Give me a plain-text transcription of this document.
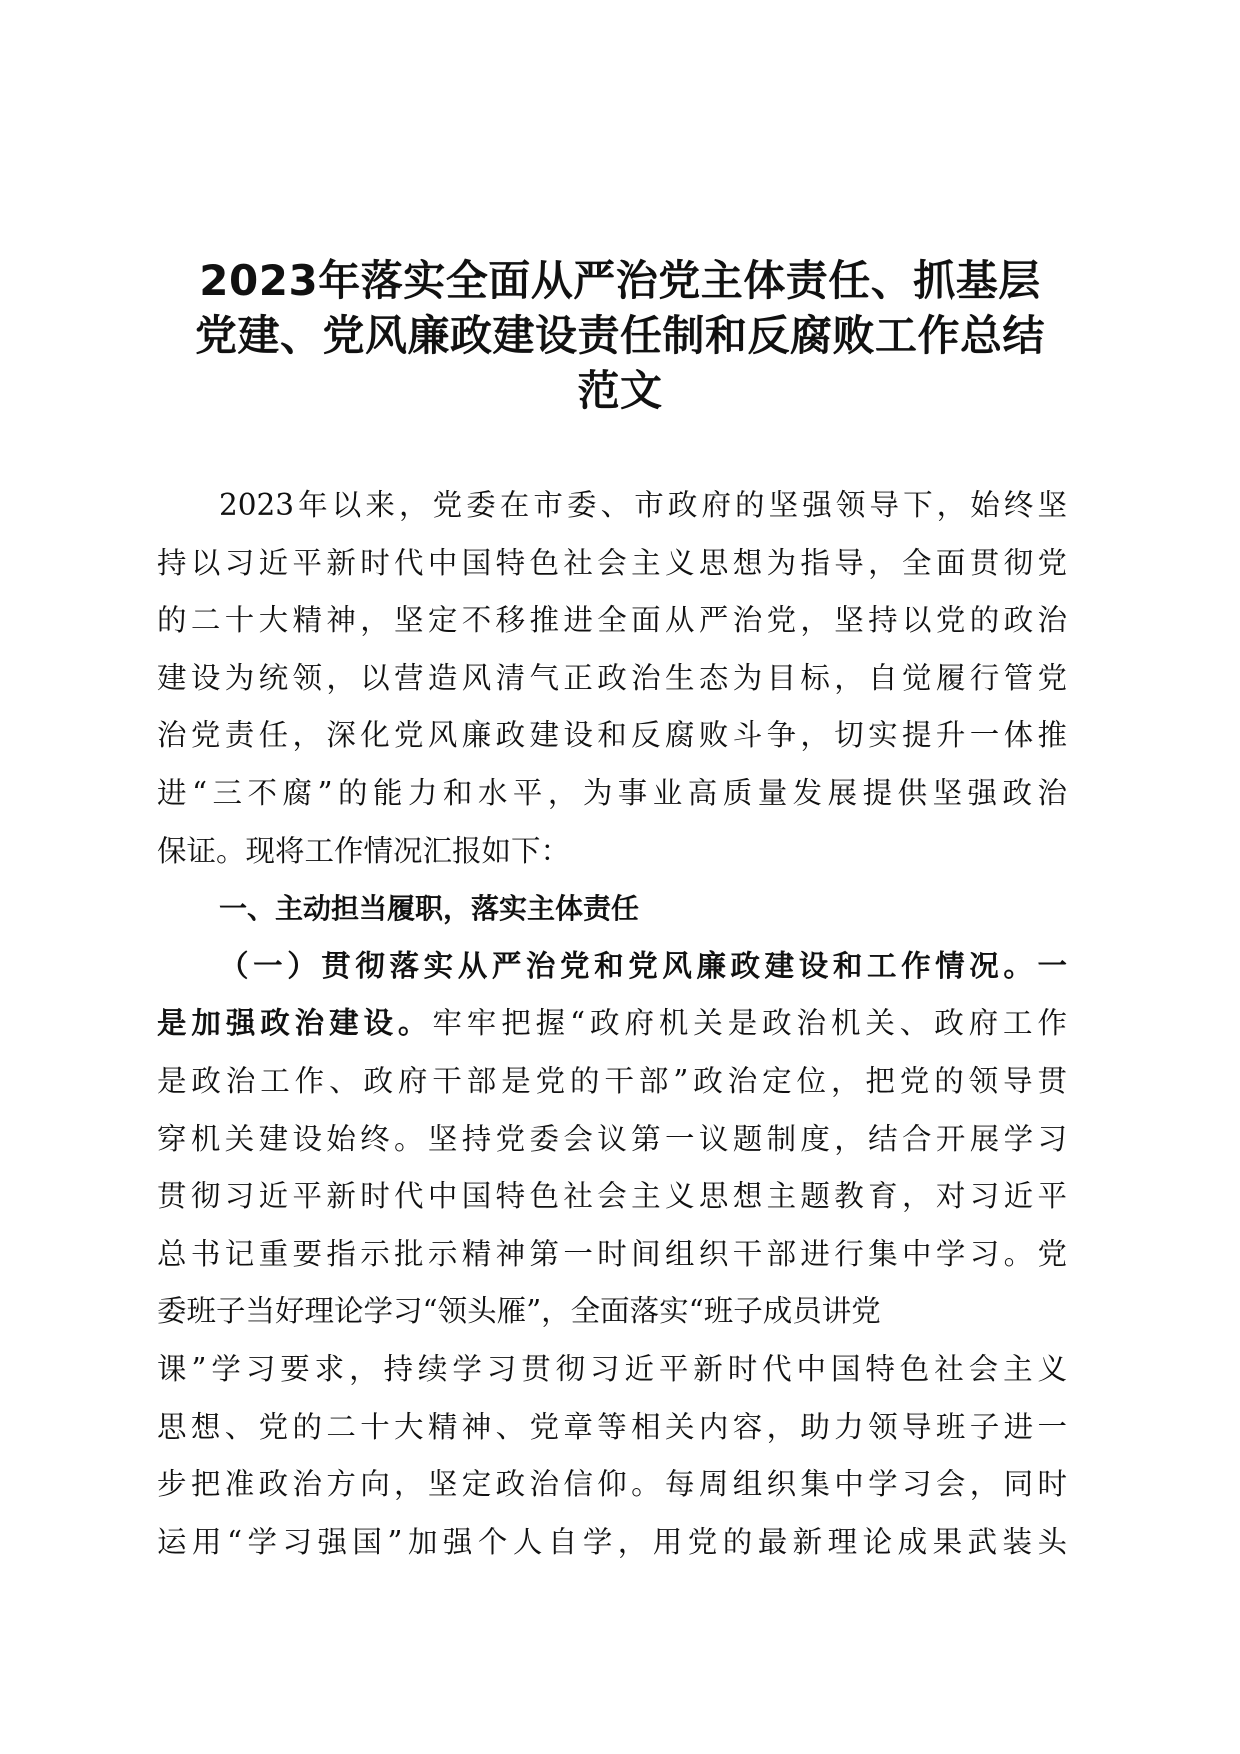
2023年落实全面从严治党主体责任、抓基层
党建、党风廉政建设责任制和反腐败工作总结
范文
2023年以来，党委在市委、市政府的坚强领导下，始终坚
持以习近平新时代中国特色社会主义思想为指导，全面贯彻党
的二十大精神，坚定不移推进全面从严治党，坚持以党的政治
建设为统领，以营造风清气正政治生态为目标，自觉履行管党
治党责任，深化党风廉政建设和反腐败斗争，切实提升一体推
进“三不腐”的能力和水平，为事业高质量发展提供坚强政治
保证。现将工作情况汇报如下：
一、主动担当履职，落实主体责任
（一）贯彻落实从严治党和党风廉政建设和工作情况。一
是加强政治建设。牢牢把握“政府机关是政治机关、政府工作
是政治工作、政府干部是党的干部”政治定位，把党的领导贯
穿机关建设始终。坚持党委会议第一议题制度，结合开展学习
贯彻习近平新时代中国特色社会主义思想主题教育，对习近平
总书记重要指示批示精神第一时间组织干部进行集中学习。党
委班子当好理论学习“领头雁”，全面落实“班子成员讲党
课”学习要求，持续学习贯彻习近平新时代中国特色社会主义
思想、党的二十大精神、党章等相关内容，助力领导班子进一
步把准政治方向，坚定政治信仰。每周组织集中学习会，同时
运用“学习强国”加强个人自学，用党的最新理论成果武装头
